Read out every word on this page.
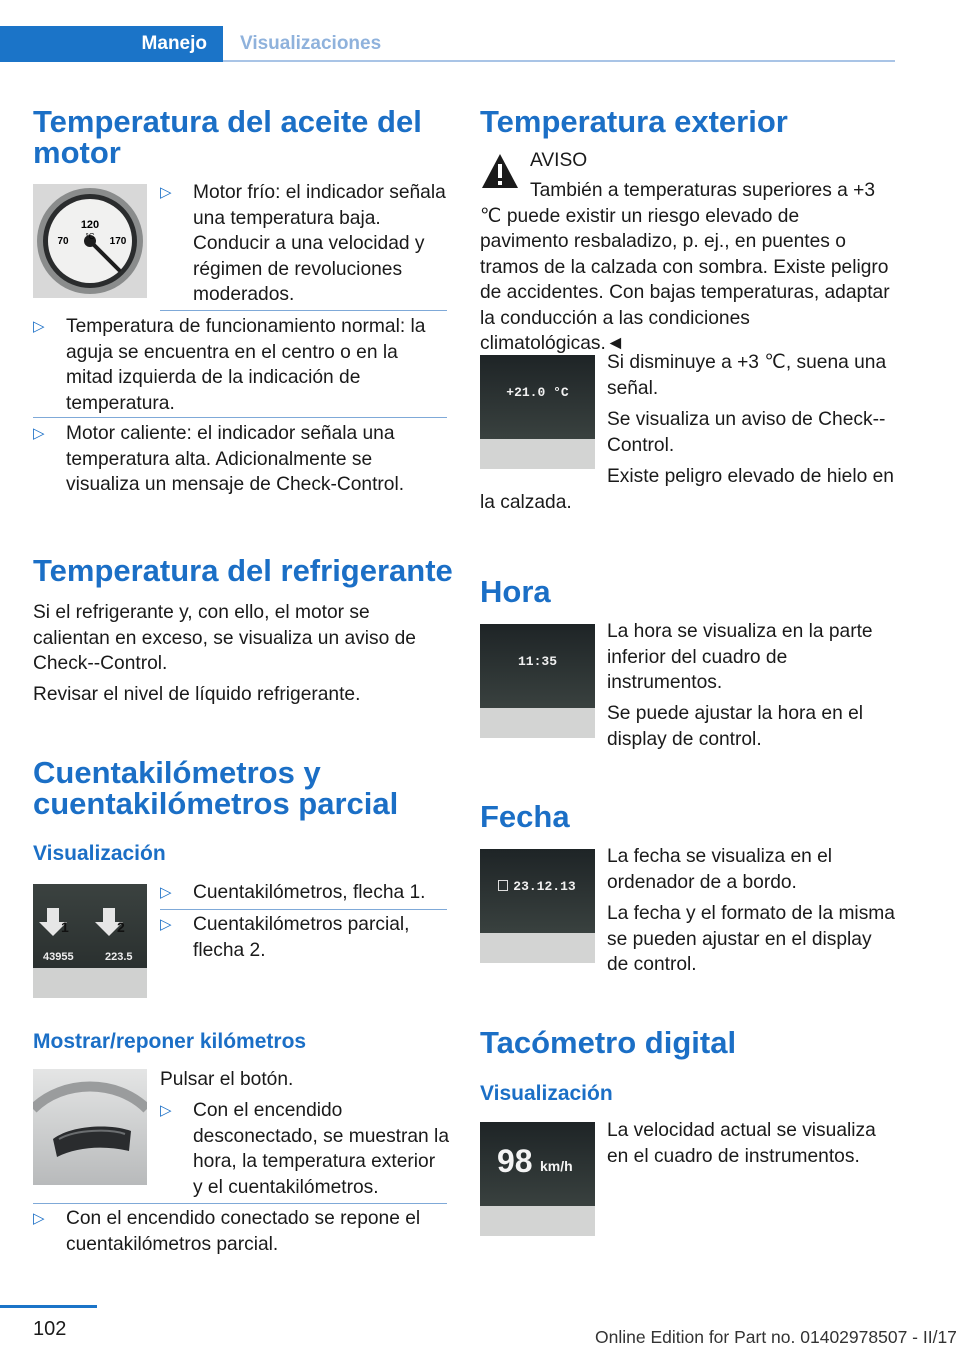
Manejo Visualizaciones
Temperatura del aceite del motor
120
°C
70	170
▷	Motor frío: el indicador señala una temperatura baja. Conducir a una velocidad y régimen de revoluciones moderados.
▷	Temperatura de funcionamiento normal: la aguja se encuentra en el centro o en la mitad izquierda de la indicación de temperatura.
▷	Motor caliente: el indicador señala una temperatura alta. Adicionalmente se visualiza un mensaje de Check-Control.
Temperatura del refrigerante

Si el refrigerante y, con ello, el motor se calientan en exceso, se visualiza un aviso de Check--Control.

Revisar el nivel de líquido refrigerante.

Cuentakilómetros y cuentakilómetros parcial
Visualización
1	2
43955	223.5
▷	Cuentakilómetros, flecha 1.
▷	Cuentakilómetros parcial, flecha 2.
Mostrar/reponer kilómetros

Pulsar el botón.

▷	Con el encendido desconectado, se muestran la hora, la temperatura exterior y el cuentakilómetros.
▷	Con el encendido conectado se repone el cuentakilómetros parcial.
Temperatura exterior

AVISO

También a temperaturas superiores a +3 ℃ puede existir un riesgo elevado de pavimento resbaladizo, p. ej., en puentes o tramos de la calzada con sombra. Existe peligro de accidentes. Con bajas temperaturas, adaptar la conducción a las condiciones climatológicas.◄

+21.0 °C

Si disminuye a +3 ℃, suena una señal.

Se visualiza un aviso de Check--Control.

Existe peligro elevado de hielo en la calzada.

Hora
11:35

La hora se visualiza en la parte inferior del cuadro de instrumentos.

Se puede ajustar la hora en el display de control.

Fecha
23.12.13

La fecha se visualiza en el ordenador de a bordo.

La fecha y el formato de la misma se pueden ajustar en el display de control.

Tacómetro digital
Visualización
98 km/h

La velocidad actual se visualiza en el cuadro de instrumentos.

102	Online Edition for Part no. 01402978507 - II/17
